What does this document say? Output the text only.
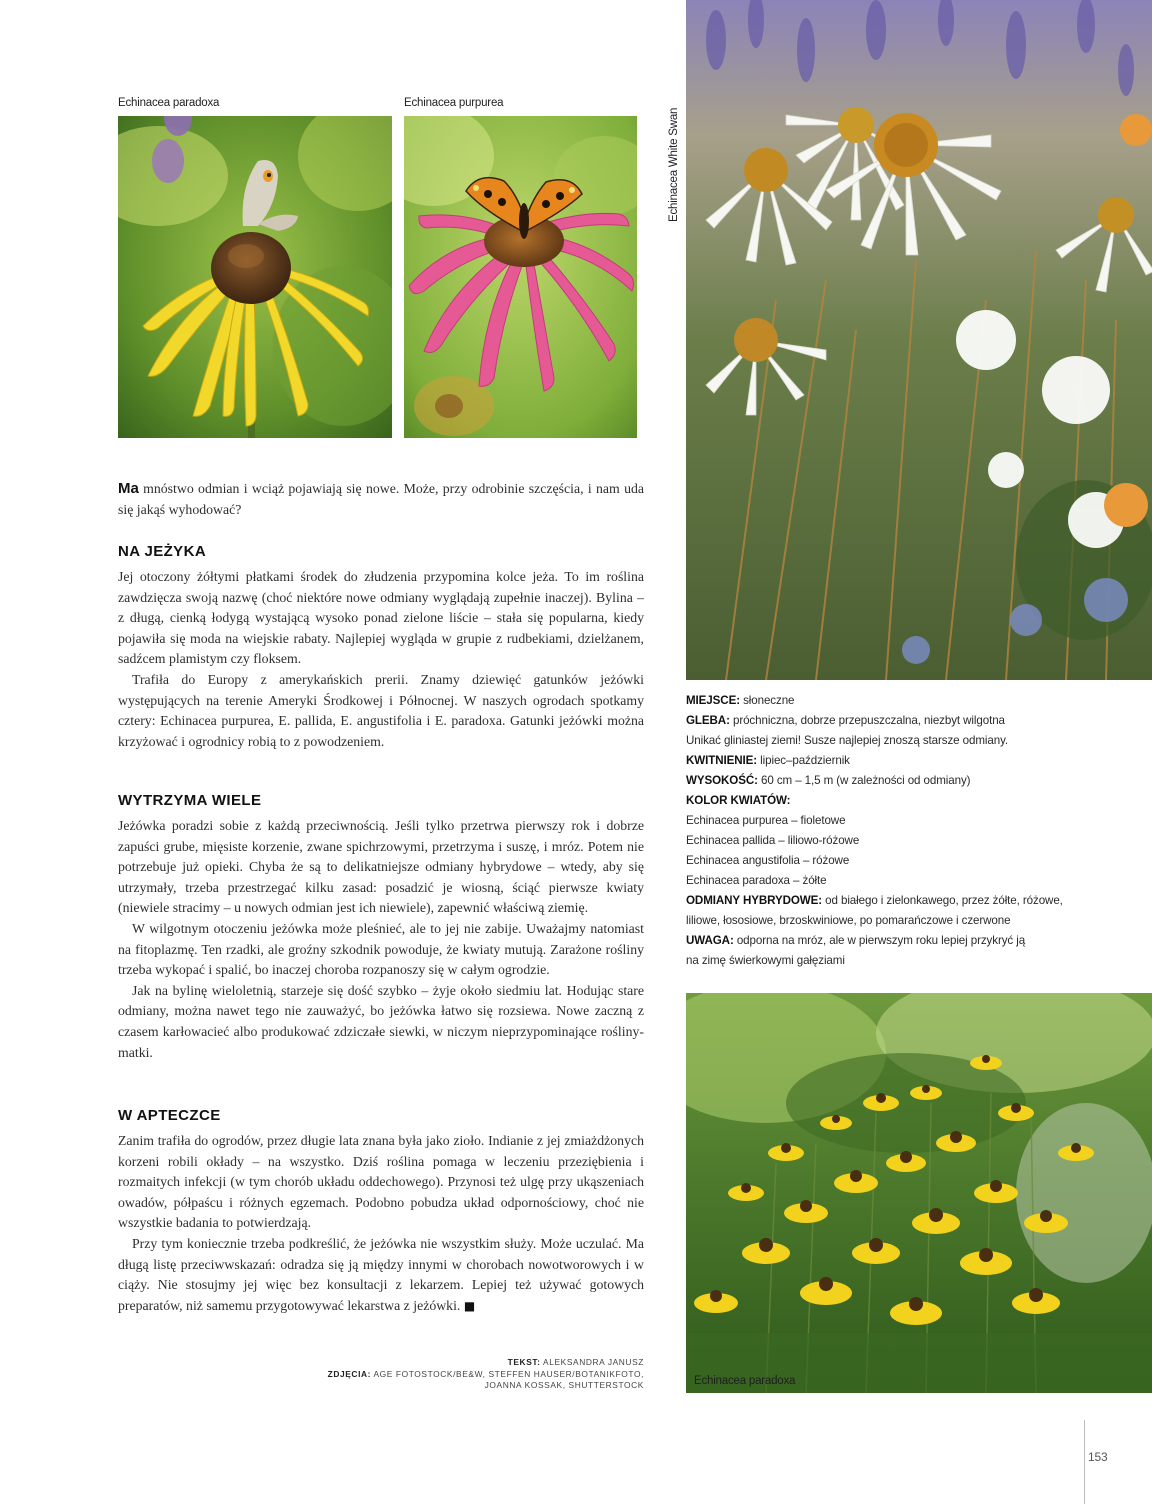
Echinacea paradoxa	Echinacea purpurea
Echinacea White Swan

Ma mnóstwo odmian i wciąż pojawiają się nowe. Może, przy odrobinie szczęścia, i nam uda się jakąś wyhodować?

NA JEŻYKA

Jej otoczony żółtymi płatkami środek do złudzenia przypomina kolce jeża. To im roślina zawdzięcza swoją nazwę (choć niektóre nowe odmiany wyglądają zupełnie inaczej). Bylina – z długą, cienką łodygą wystającą wysoko ponad zielone liście – stała się popularna, kiedy pojawiła się moda na wiejskie rabaty. Najlepiej wygląda w grupie z rudbekiami, dzielżanem, sadźcem plamistym czy floksem.

Trafiła do Europy z amerykańskich prerii. Znamy dziewięć gatunków jeżówki występujących na terenie Ameryki Środkowej i Północnej. W naszych ogrodach spotkamy cztery: Echinacea purpurea, E. pallida, E. angustifolia i E. paradoxa. Gatunki jeżówki można krzyżować i ogrodnicy robią to z powodzeniem.

WYTRZYMA WIELE

Jeżówka poradzi sobie z każdą przeciwnością. Jeśli tylko przetrwa pierwszy rok i dobrze zapuści grube, mięsiste korzenie, zwane spichrzowymi, przetrzyma i suszę, i mróz. Potem nie potrzebuje już opieki. Chyba że są to delikatniejsze odmiany hybrydowe – wtedy, aby się utrzymały, trzeba przestrzegać kilku zasad: posadzić je wiosną, ściąć pierwsze kwiaty (niewiele stracimy – u nowych odmian jest ich niewiele), zapewnić właściwą ziemię.

W wilgotnym otoczeniu jeżówka może pleśnieć, ale to jej nie zabije. Uważajmy natomiast na fitoplazmę. Ten rzadki, ale groźny szkodnik powoduje, że kwiaty mutują. Zarażone rośliny trzeba wykopać i spalić, bo inaczej choroba rozpanoszy się w całym ogrodzie.

Jak na bylinę wieloletnią, starzeje się dość szybko – żyje około siedmiu lat. Hodując stare odmiany, można nawet tego nie zauważyć, bo jeżówka łatwo się rozsiewa. Nowe zaczną z czasem karłowacieć albo produkować zdziczałe siewki, w niczym nieprzypominające rośliny-matki.

W APTECZCE

Zanim trafiła do ogrodów, przez długie lata znana była jako zioło. Indianie z jej zmiażdżonych korzeni robili okłady – na wszystko. Dziś roślina pomaga w leczeniu przeziębienia i rozmaitych infekcji (w tym chorób układu oddechowego). Przynosi też ulgę przy ukąszeniach owadów, półpaścu i różnych egzemach. Podobno pobudza układ odpornościowy, choć nie wszystkie badania to potwierdzają.

Przy tym koniecznie trzeba podkreślić, że jeżówka nie wszystkim służy. Może uczulać. Ma długą listę przeciwwskazań: odradza się ją między innymi w chorobach nowotworowych i w ciąży. Nie stosujmy jej więc bez konsultacji z lekarzem. Lepiej też używać gotowych preparatów, niż samemu przygotowywać lekarstwa z jeżówki. ■

TEKST: ALEKSANDRA JANUSZ
ZDJĘCIA: AGE FOTOSTOCK/BE&W, STEFFEN HAUSER/BOTANIKFOTO,
JOANNA KOSSAK, SHUTTERSTOCK
MIEJSCE: słoneczne
GLEBA: próchniczna, dobrze przepuszczalna, niezbyt wilgotna
Unikać gliniastej ziemi! Susze najlepiej znoszą starsze odmiany.
KWITNIENIE: lipiec–październik
WYSOKOŚĆ: 60 cm – 1,5 m (w zależności od odmiany)
KOLOR KWIATÓW:
Echinacea purpurea – fioletowe
Echinacea pallida – liliowo-różowe
Echinacea angustifolia – różowe
Echinacea paradoxa – żółte
ODMIANY HYBRYDOWE: od białego i zielonkawego, przez żółte, różowe,
liliowe, łososiowe, brzoskwiniowe, po pomarańczowe i czerwone
UWAGA: odporna na mróz, ale w pierwszym roku lepiej przykryć ją
na zimę świerkowymi gałęziami
Echinacea paradoxa
153
